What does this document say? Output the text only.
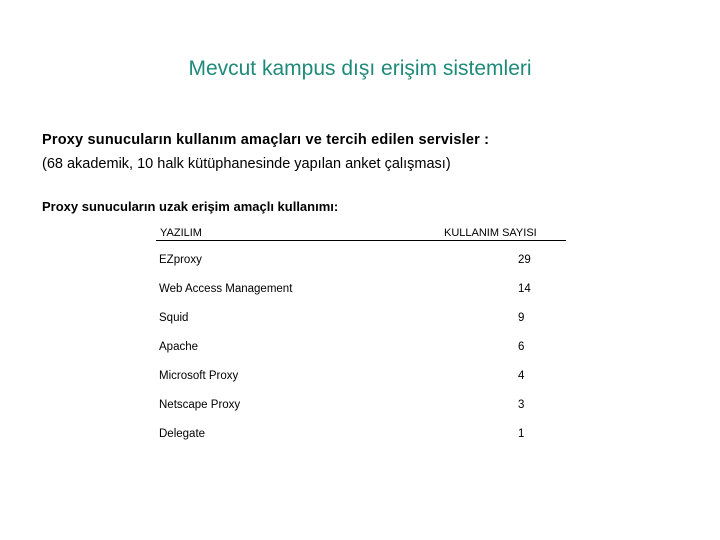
Mevcut kampus dışı erişim sistemleri
Proxy sunucuların kullanım amaçları ve tercih edilen servisler :
(68 akademik, 10 halk kütüphanesinde yapılan anket çalışması)
Proxy sunucuların uzak erişim amaçlı kullanımı:
YAZILIM	KULLANIM SAYISI
EZproxy	29
Web Access Management	14
Squid	9
Apache	6
Microsoft Proxy	4
Netscape Proxy	3
Delegate	1
